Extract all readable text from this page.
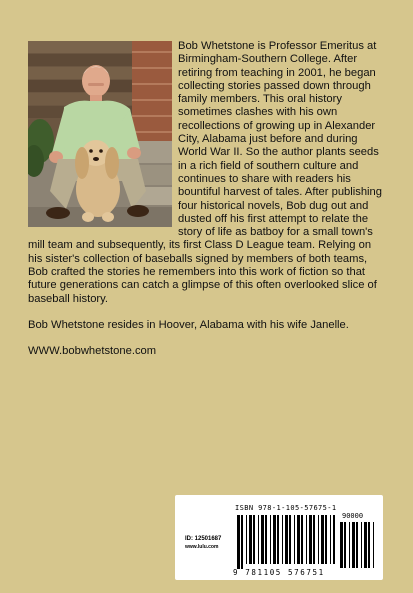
Bob Whetstone is Professor Emeritus at Birmingham-Southern College. After retiring from teaching in 2001, he began collecting stories passed down through family members. This oral history sometimes clashes with his own recollections of growing up in Alexander City, Alabama just before and during World War II. So the author plants seeds in a rich field of southern culture and continues to share with readers his bountiful harvest of tales. After publishing four historical novels, Bob dug out and dusted off his first attempt to relate the story of life as batboy for a small town's mill team and subsequently, its first Class D League team. Relying on his sister's collection of baseballs signed by members of both teams, Bob crafted the stories he remembers into this work of fiction so that future generations can catch a glimpse of this often overlooked slice of baseball history.

Bob Whetstone resides in Hoover, Alabama with his wife Janelle.

WWW.bobwhetstone.com

ID: 12501687
www.lulu.com
ISBN 978-1-105-57675-1
90000
9 781105 576751
